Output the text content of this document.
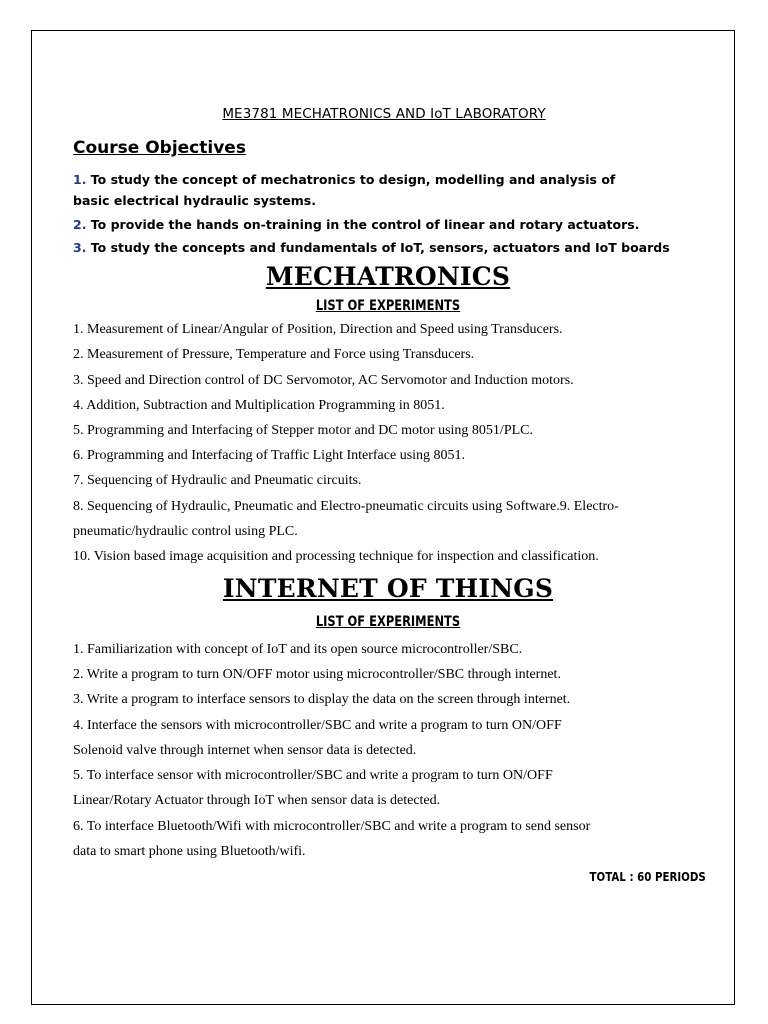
ME3781 MECHATRONICS AND IoT LABORATORY
Course Objectives
1. To study the concept of mechatronics to design, modelling and analysis of
basic electrical hydraulic systems.
2. To provide the hands on-training in the control of linear and rotary actuators.
3. To study the concepts and fundamentals of IoT, sensors, actuators and IoT boards
MECHATRONICS
LIST OF EXPERIMENTS
1. Measurement of Linear/Angular of Position, Direction and Speed using Transducers.
2. Measurement of Pressure, Temperature and Force using Transducers.
3. Speed and Direction control of DC Servomotor, AC Servomotor and Induction motors.
4. Addition, Subtraction and Multiplication Programming in 8051.
5. Programming and Interfacing of Stepper motor and DC motor using 8051/PLC.
6. Programming and Interfacing of Traffic Light Interface using 8051.
7. Sequencing of Hydraulic and Pneumatic circuits.
8. Sequencing of Hydraulic, Pneumatic and Electro-pneumatic circuits using Software.9. Electro-
pneumatic/hydraulic control using PLC.
10. Vision based image acquisition and processing technique for inspection and classification.
INTERNET OF THINGS
LIST OF EXPERIMENTS
1. Familiarization with concept of IoT and its open source microcontroller/SBC.
2. Write a program to turn ON/OFF motor using microcontroller/SBC through internet.
3. Write a program to interface sensors to display the data on the screen through internet.
4. Interface the sensors with microcontroller/SBC and write a program to turn ON/OFF
Solenoid valve through internet when sensor data is detected.
5. To interface sensor with microcontroller/SBC and write a program to turn ON/OFF
Linear/Rotary Actuator through IoT when sensor data is detected.
6. To interface Bluetooth/Wifi with microcontroller/SBC and write a program to send sensor
data to smart phone using Bluetooth/wifi.
TOTAL : 60 PERIODS
